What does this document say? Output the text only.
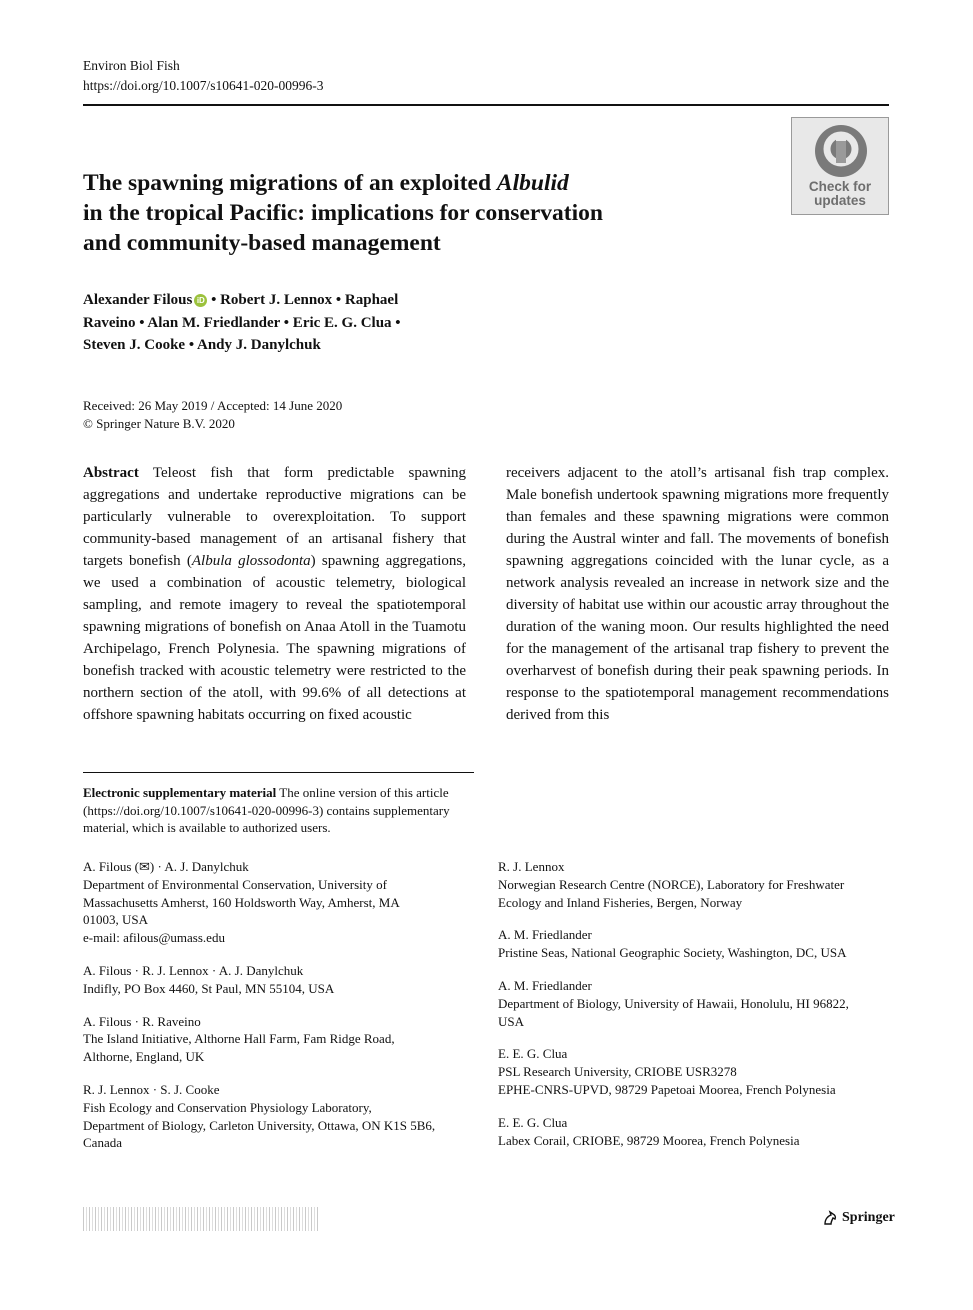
Environ Biol Fish
https://doi.org/10.1007/s10641-020-00996-3
Check for
updates
The spawning migrations of an exploited Albulid
in the tropical Pacific: implications for conservation
and community-based management
Alexander Filous iD • Robert J. Lennox • Raphael
Raveino • Alan M. Friedlander • Eric E. G. Clua •
Steven J. Cooke • Andy J. Danylchuk
Received: 26 May 2019 / Accepted: 14 June 2020
© Springer Nature B.V. 2020

Abstract Teleost fish that form predictable spawning aggregations and undertake reproductive migrations can be particularly vulnerable to overexploitation. To support community-based management of an artisanal fishery that targets bonefish (Albula glossodonta) spawning aggregations, we used a combination of acoustic telemetry, biological sampling, and remote imagery to reveal the spatiotemporal spawning migrations of bonefish on Anaa Atoll in the Tuamotu Archipelago, French Polynesia. The spawning migrations of bonefish tracked with acoustic telemetry were restricted to the northern section of the atoll, with 99.6% of all detections at offshore spawning habitats occurring on fixed acoustic

receivers adjacent to the atoll’s artisanal fish trap complex. Male bonefish undertook spawning migrations more frequently than females and these spawning migrations were common during the Austral winter and fall. The movements of bonefish spawning aggregations coincided with the lunar cycle, as a network analysis revealed an increase in network size and the diversity of habitat use within our acoustic array throughout the duration of the waning moon. Our results highlighted the need for the management of the artisanal trap fishery to prevent the overharvest of bonefish during their peak spawning periods. In response to the spatiotemporal management recommendations derived from this

Electronic supplementary material The online version of this article (https://doi.org/10.1007/s10641-020-00996-3) contains supplementary material, which is available to authorized users.
A. Filous (✉) · A. J. Danylchuk
Department of Environmental Conservation, University of
Massachusetts Amherst, 160 Holdsworth Way, Amherst, MA
01003, USA
e-mail: afilous@umass.edu
A. Filous · R. J. Lennox · A. J. Danylchuk
Indifly, PO Box 4460, St Paul, MN 55104, USA
A. Filous · R. Raveino
The Island Initiative, Althorne Hall Farm, Fam Ridge Road,
Althorne, England, UK
R. J. Lennox · S. J. Cooke
Fish Ecology and Conservation Physiology Laboratory,
Department of Biology, Carleton University, Ottawa, ON K1S 5B6,
Canada
R. J. Lennox
Norwegian Research Centre (NORCE), Laboratory for Freshwater
Ecology and Inland Fisheries, Bergen, Norway
A. M. Friedlander
Pristine Seas, National Geographic Society, Washington, DC, USA
A. M. Friedlander
Department of Biology, University of Hawaii, Honolulu, HI 96822,
USA
E. E. G. Clua
PSL Research University, CRIOBE USR3278
EPHE-CNRS-UPVD, 98729 Papetoai Moorea, French Polynesia
E. E. G. Clua
Labex Corail, CRIOBE, 98729 Moorea, French Polynesia
Springer
